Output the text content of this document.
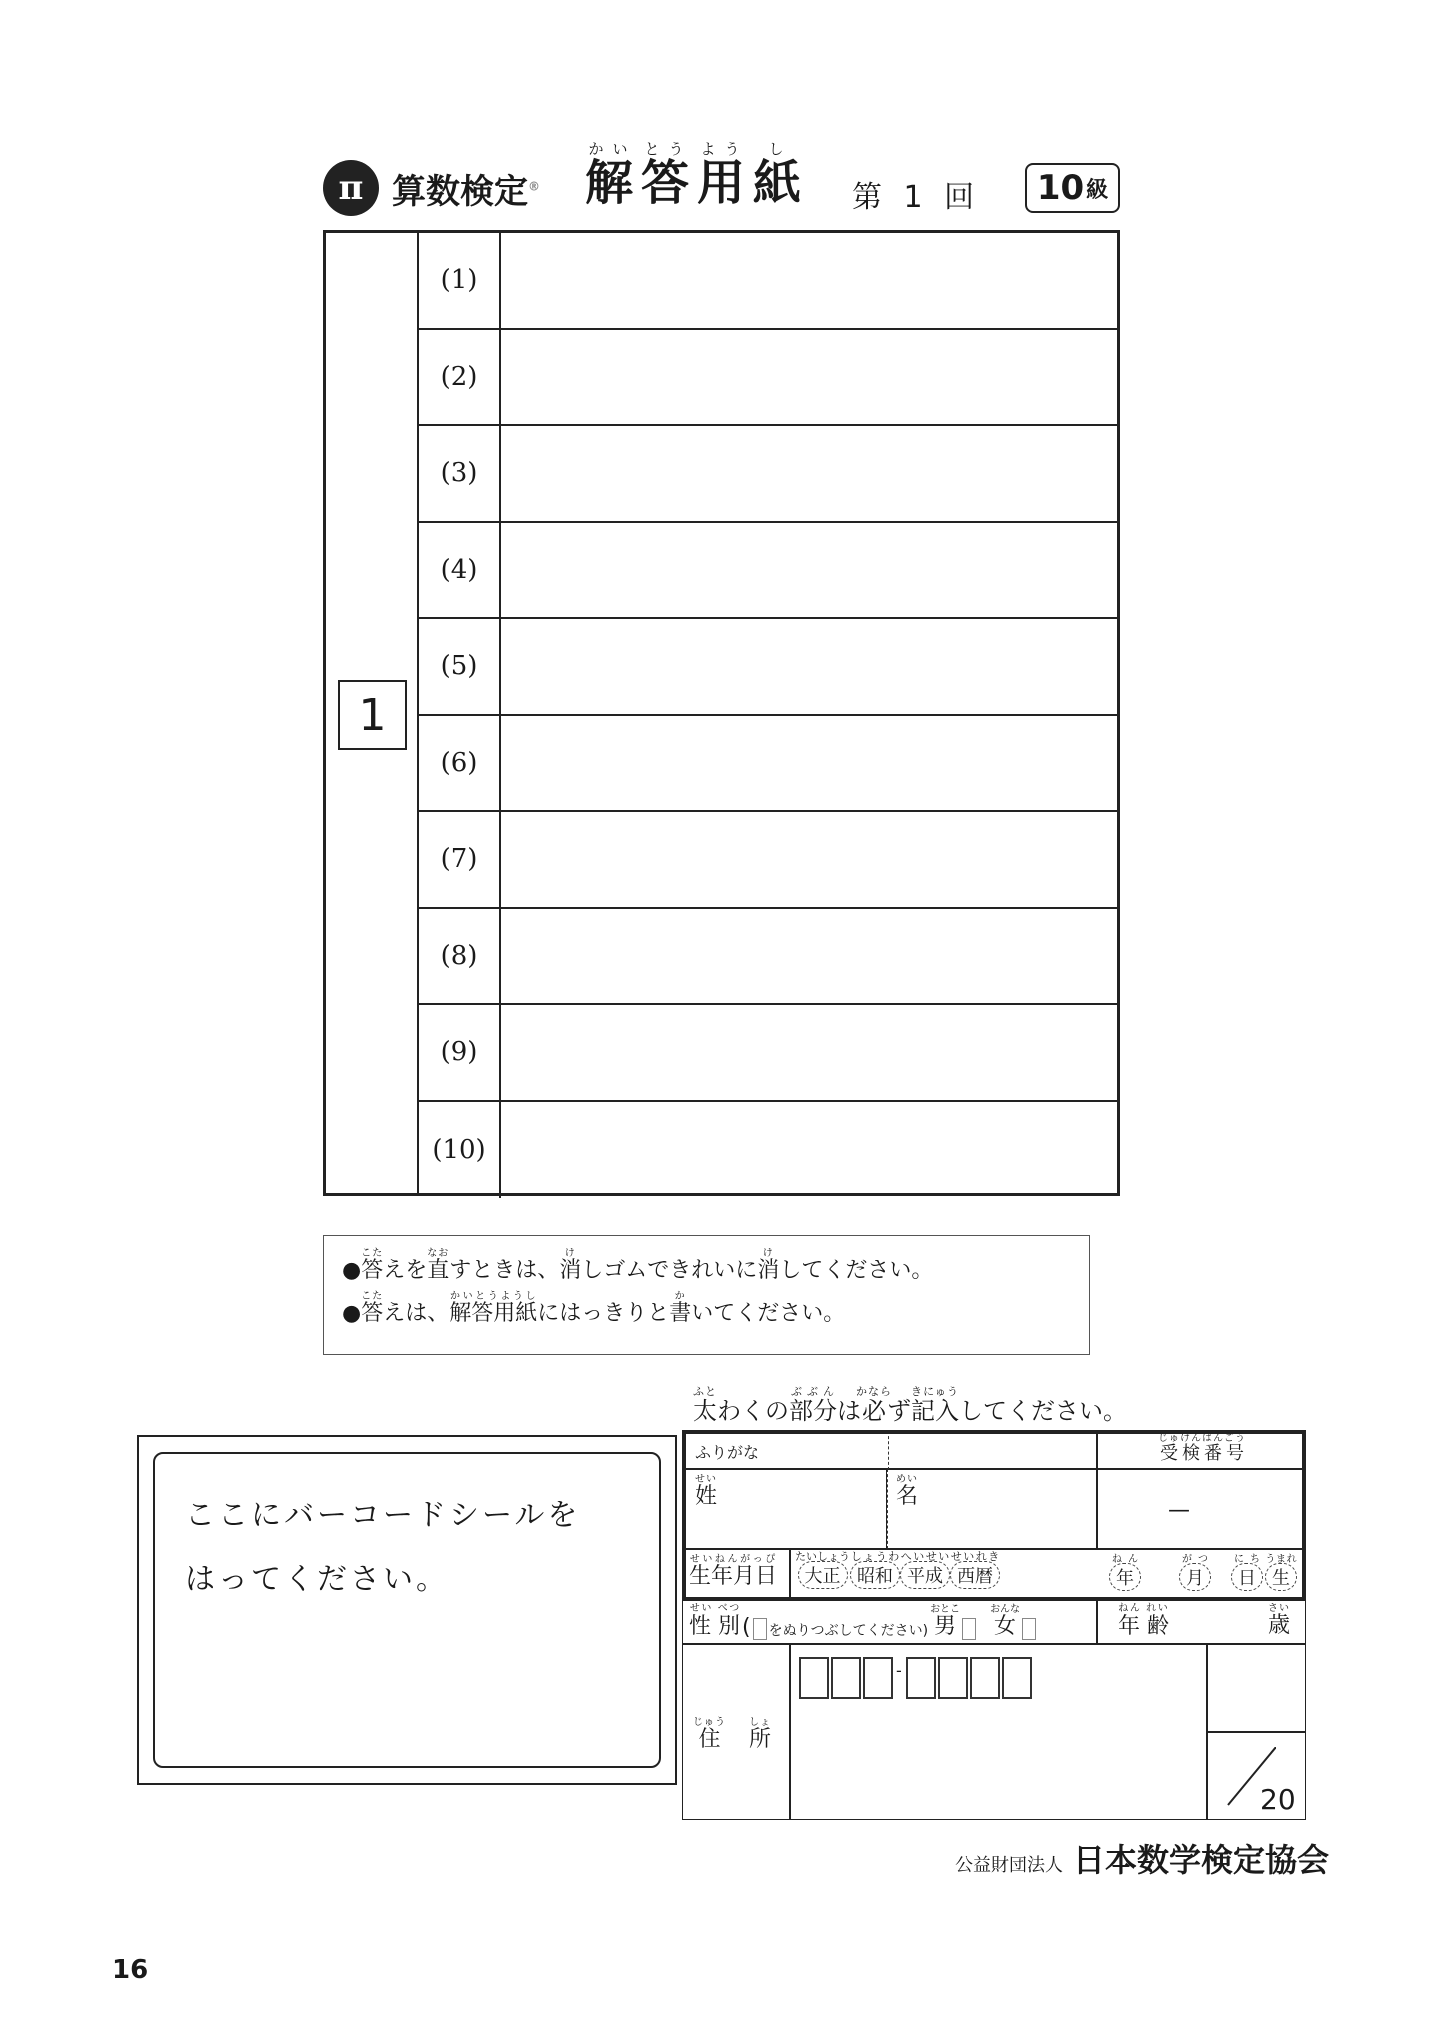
π 算数検定® 解かい
答とう
用よう
紙し
第 1 回 10 級
1
(1)
(2)
(3)
(4)
(5)
(6)
(7)
(8)
(9)
(10)
●答こたえを直なおすときは、消けしゴムできれいに消けしてください。
●答こたえは、解答用紙かいとうようしにはっきりと書かいてください。
太ふとわくの部分ぶぶんは必かならず記入きにゅうしてください。
ここにバーコードシールを
はってください。
ふりがな	受検番号じゅけんばんごう
姓せい
名めい
—
生年月日せいねんがっぴ
大正たいしょう昭和しょうわ平成へいせい西暦せいれき
年ねん
月がつ
日にち
生うまれ
性 別せい べつ
( をぬりつぶしてください) 男おとこ
女おんな
年 齢ねん れい
歳さい
住じゅう
所しょ
-
20
公益財団法人 日本数学検定協会
16
